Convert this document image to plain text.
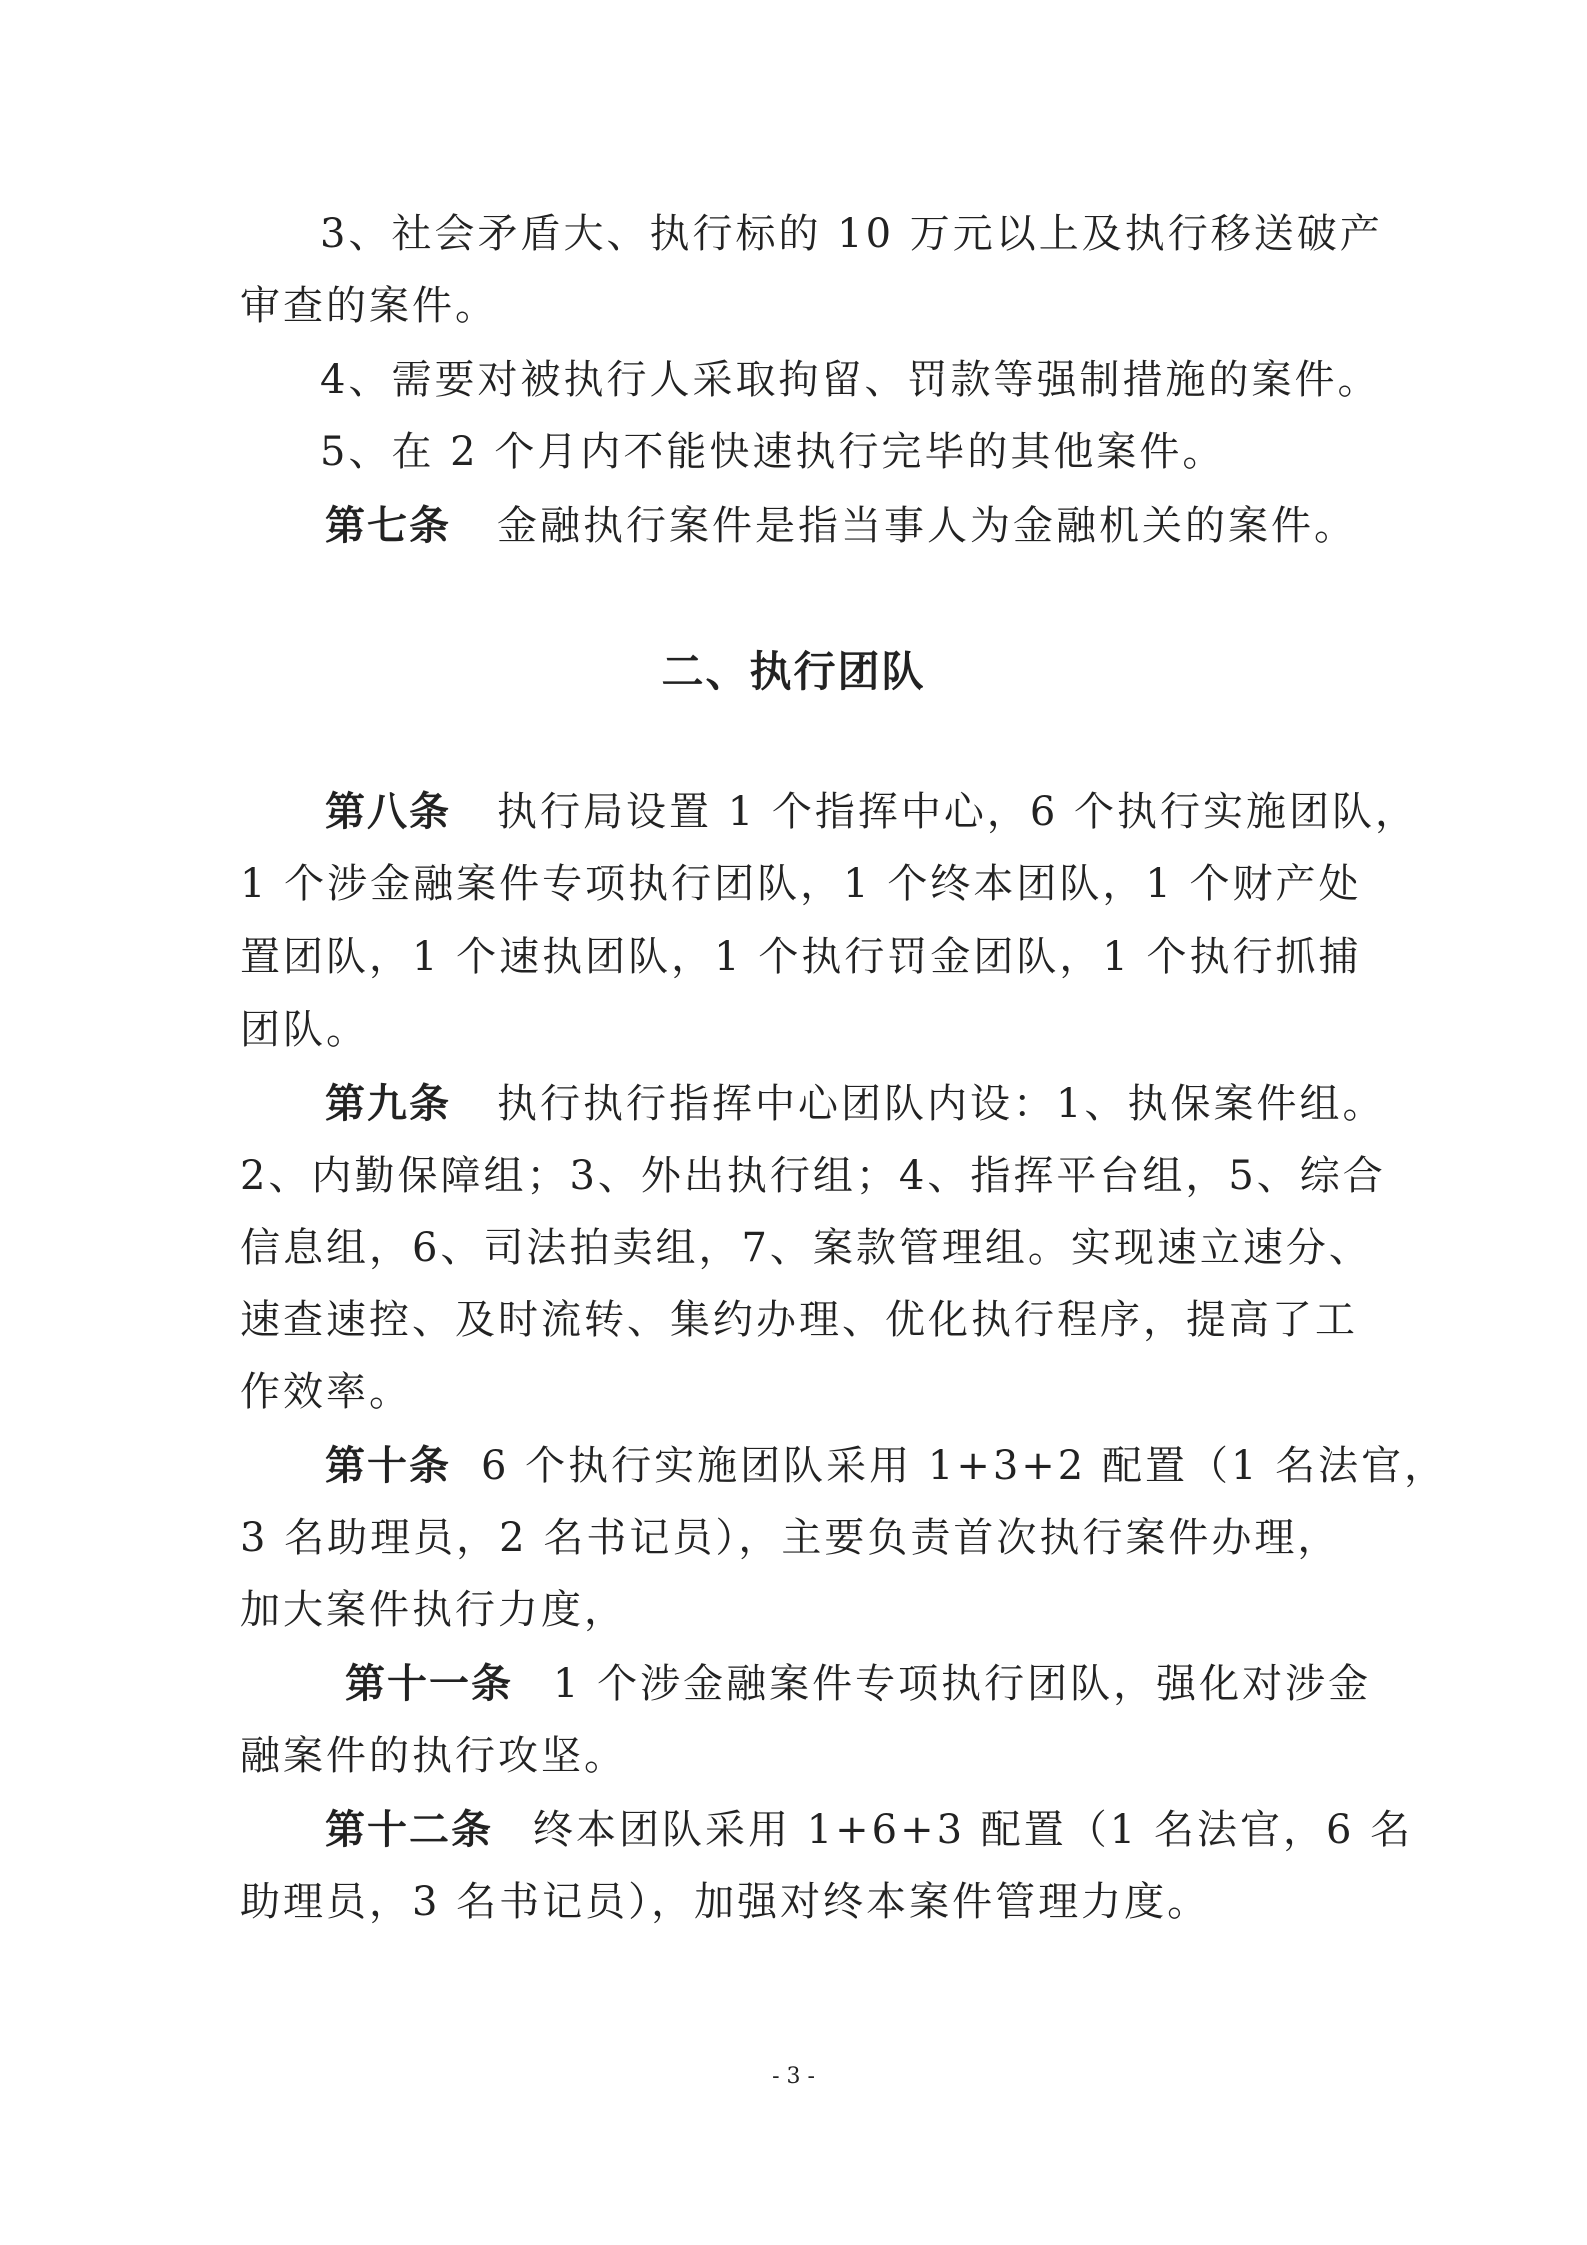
3、社会矛盾大、执行标的 10 万元以上及执行移送破产
审查的案件。
4、需要对被执行人采取拘留、罚款等强制措施的案件。
5、在 2 个月内不能快速执行完毕的其他案件。
第七条 金融执行案件是指当事人为金融机关的案件。
二、执行团队
第八条 执行局设置 1 个指挥中心，6 个执行实施团队，
1 个涉金融案件专项执行团队，1 个终本团队，1 个财产处
置团队，1 个速执团队，1 个执行罚金团队，1 个执行抓捕
团队。
第九条 执行执行指挥中心团队内设：1、执保案件组。
2、内勤保障组；3、外出执行组；4、指挥平台组，5、综合
信息组，6、司法拍卖组，7、案款管理组。实现速立速分、
速查速控、及时流转、集约办理、优化执行程序，提高了工
作效率。
第十条 6 个执行实施团队采用 1+3+2 配置（1 名法官，
3 名助理员，2 名书记员），主要负责首次执行案件办理，
加大案件执行力度，
第十一条 1 个涉金融案件专项执行团队，强化对涉金
融案件的执行攻坚。
第十二条 终本团队采用 1+6+3 配置（1 名法官，6 名
助理员，3 名书记员），加强对终本案件管理力度。
- 3 -
